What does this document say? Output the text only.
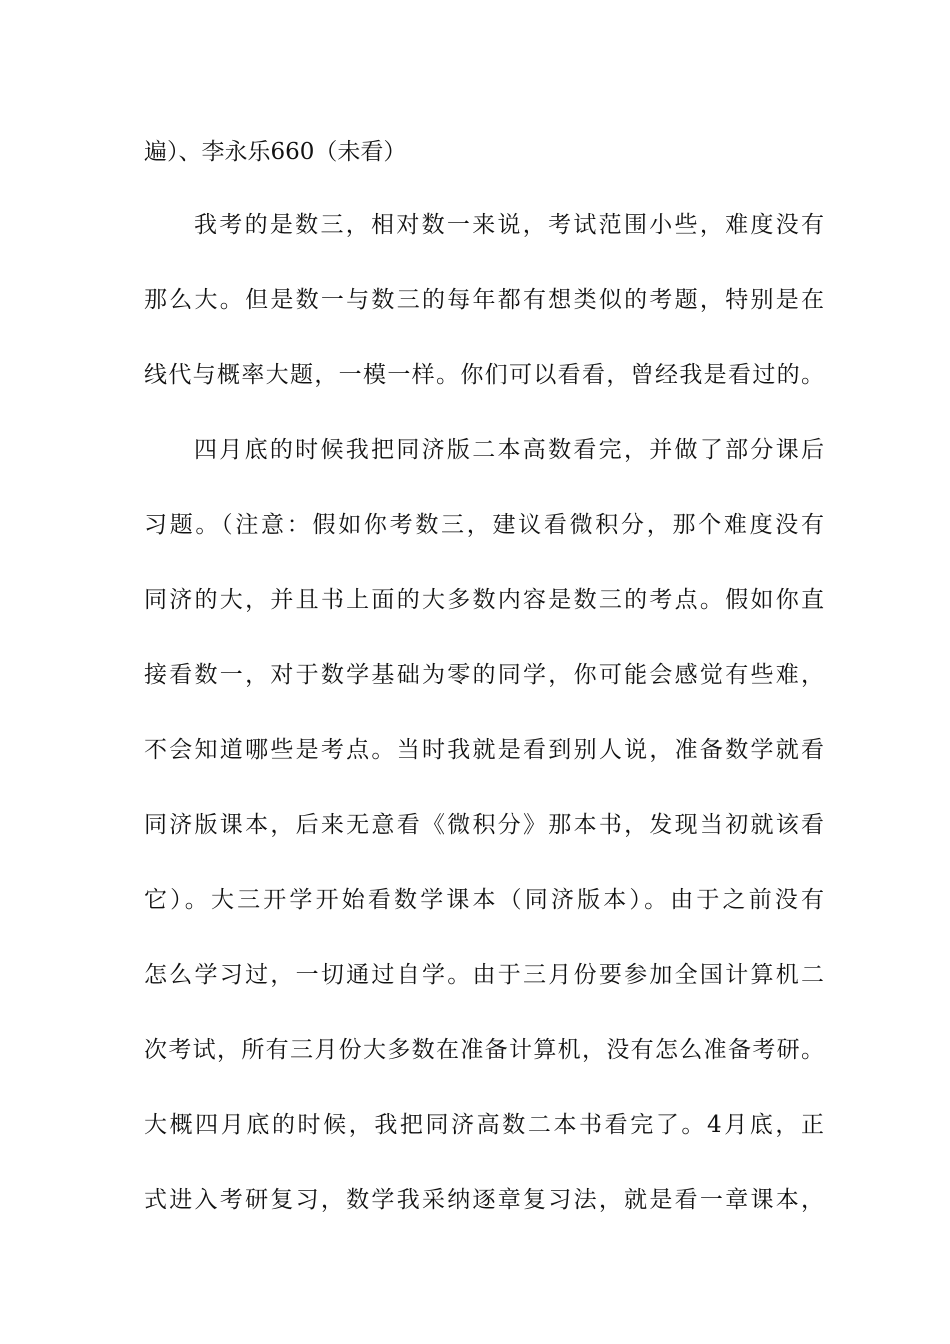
遍）、李永乐660（未看）
我考的是数三，相对数一来说，考试范围小些，难度没有
那么大。但是数一与数三的每年都有想类似的考题，特别是在
线代与概率大题，一模一样。你们可以看看，曾经我是看过的。
四月底的时候我把同济版二本高数看完，并做了部分课后
习题。（注意：假如你考数三，建议看微积分，那个难度没有
同济的大，并且书上面的大多数内容是数三的考点。假如你直
接看数一，对于数学基础为零的同学，你可能会感觉有些难，
不会知道哪些是考点。当时我就是看到别人说，准备数学就看
同济版课本，后来无意看《微积分》那本书，发现当初就该看
它）。大三开学开始看数学课本（同济版本）。由于之前没有
怎么学习过，一切通过自学。由于三月份要参加全国计算机二
次考试，所有三月份大多数在准备计算机，没有怎么准备考研。
大概四月底的时候，我把同济高数二本书看完了。4月底，正
式进入考研复习，数学我采纳逐章复习法，就是看一章课本，
